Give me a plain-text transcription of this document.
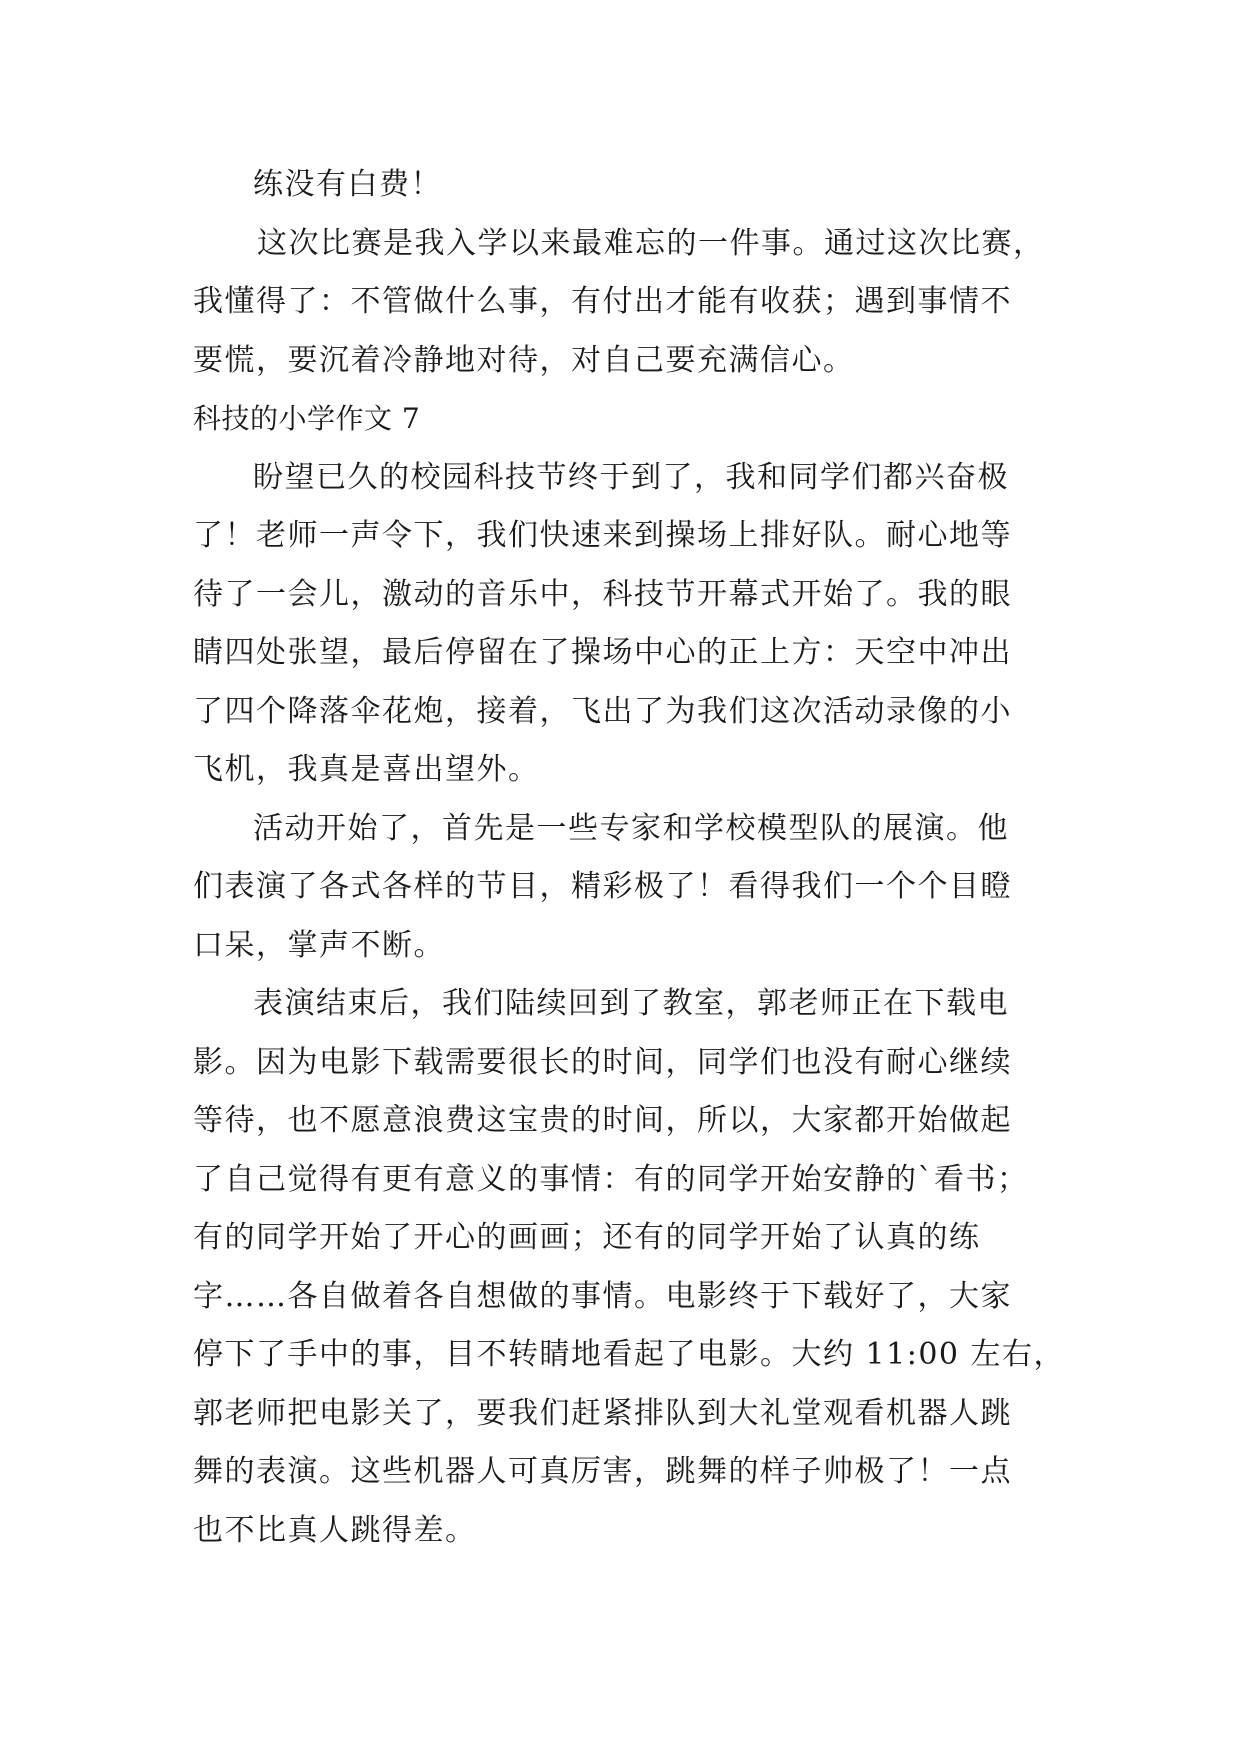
练没有白费！
这次比赛是我入学以来最难忘的一件事。通过这次比赛，
我懂得了：不管做什么事，有付出才能有收获；遇到事情不
要慌，要沉着冷静地对待，对自己要充满信心。
科技的小学作文 7
盼望已久的校园科技节终于到了，我和同学们都兴奋极
了！老师一声令下，我们快速来到操场上排好队。耐心地等
待了一会儿，激动的音乐中，科技节开幕式开始了。我的眼
睛四处张望，最后停留在了操场中心的正上方：天空中冲出
了四个降落伞花炮，接着，飞出了为我们这次活动录像的小
飞机，我真是喜出望外。
活动开始了，首先是一些专家和学校模型队的展演。他
们表演了各式各样的节目，精彩极了！看得我们一个个目瞪
口呆，掌声不断。
表演结束后，我们陆续回到了教室，郭老师正在下载电
影。因为电影下载需要很长的时间，同学们也没有耐心继续
等待，也不愿意浪费这宝贵的时间，所以，大家都开始做起
了自己觉得有更有意义的事情：有的同学开始安静的`看书；
有的同学开始了开心的画画；还有的同学开始了认真的练
字……各自做着各自想做的事情。电影终于下载好了，大家
停下了手中的事，目不转睛地看起了电影。大约 11:00 左右，
郭老师把电影关了，要我们赶紧排队到大礼堂观看机器人跳
舞的表演。这些机器人可真厉害，跳舞的样子帅极了！一点
也不比真人跳得差。
